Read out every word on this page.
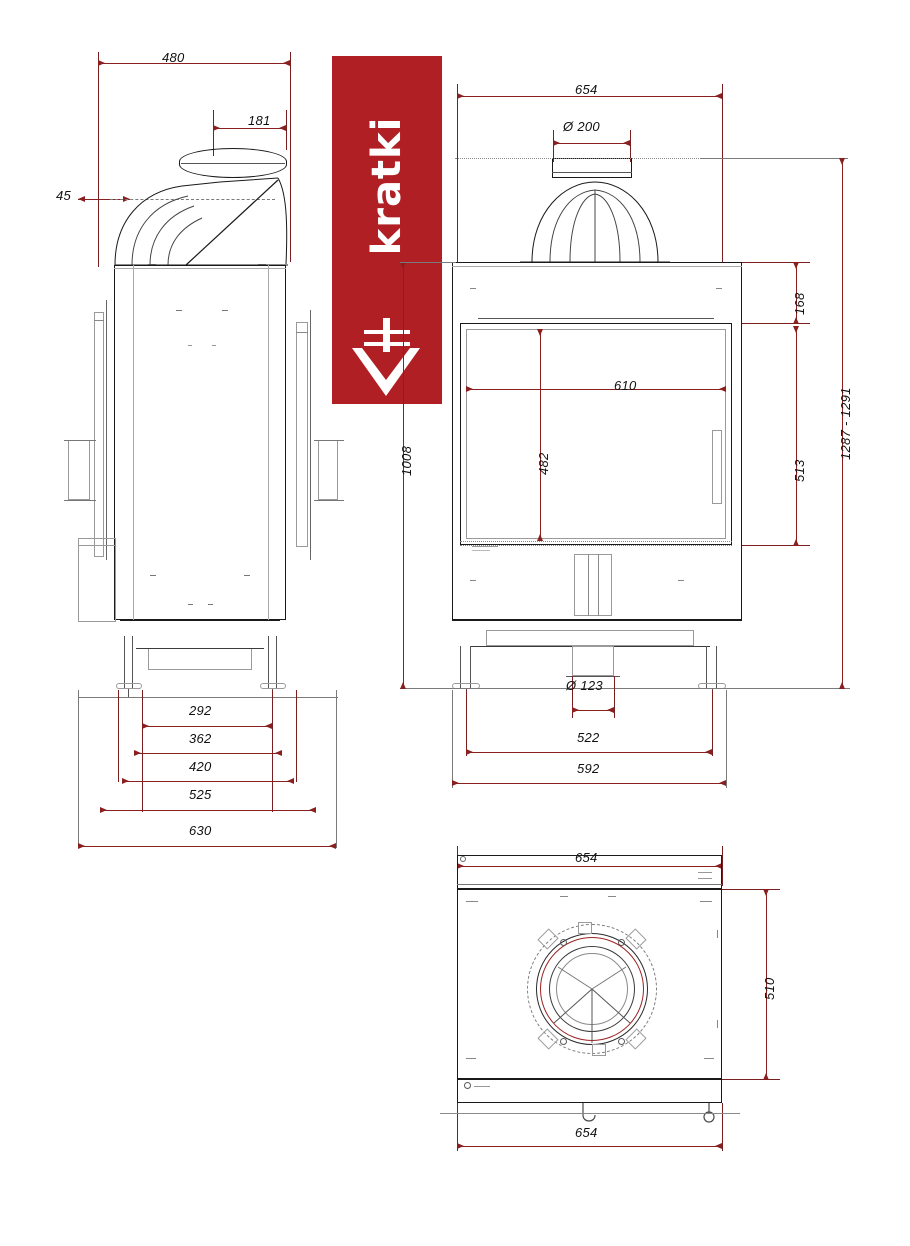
480
181
45
292
362
420
525
630
kratki
654
Ø 200
610
482
168
513
1287 - 1291
1008
Ø 123
522
592
654
510
654
